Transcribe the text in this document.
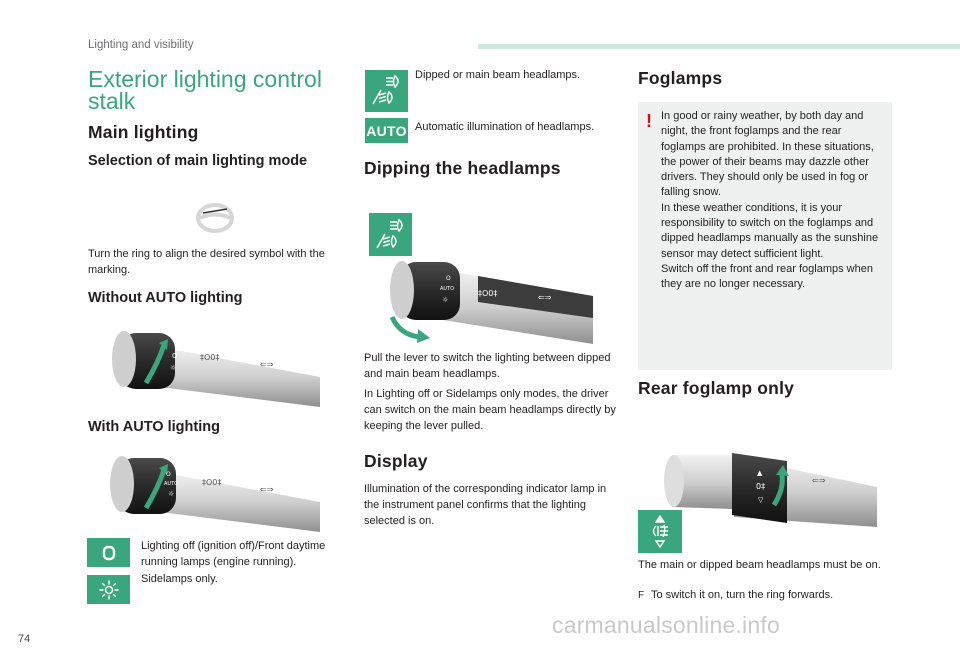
Lighting and visibility
Exterior lighting control stalk
Main lighting
Selection of main lighting mode

Turn the ring to align the desired symbol with the marking.

Without AUTO lighting
O
☼
‡O0‡
⇐⇒
With AUTO lighting
O
AUTO
☼
‡O0‡
⇐⇒

Lighting off (ignition off)/Front daytime running lamps (engine running).

Sidelamps only.

Dipped or main beam headlamps.

AUTO Automatic illumination of headlamps.

Dipping the headlamps
O
AUTO
☼
‡O0‡	⇐⇒

Pull the lever to switch the lighting between dipped and main beam headlamps.

In Lighting off or Sidelamps only modes, the driver can switch on the main beam headlamps directly by keeping the lever pulled.

Display

Illumination of the corresponding indicator lamp in the instrument panel confirms that the lighting selected is on.

Foglamps
! In good or rainy weather, by both day and night, the front foglamps and the rear foglamps are prohibited. In these situations, the power of their beams may dazzle other drivers. They should only be used in fog or falling snow.
In these weather conditions, it is your responsibility to switch on the foglamps and dipped headlamps manually as the sunshine sensor may detect sufficient light.
Switch off the front and rear foglamps when they are no longer necessary.
Rear foglamp only
▲
0‡
▽
⇐⇒

The main or dipped beam headlamps must be on.

F To switch it on, turn the ring forwards.
74
carmanualsonline.info
